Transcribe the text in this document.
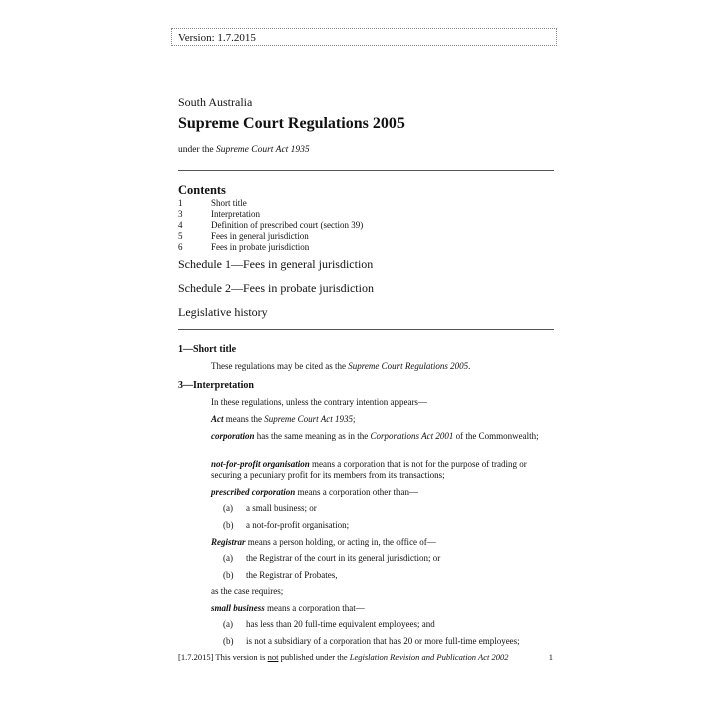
Version: 1.7.2015
South Australia
Supreme Court Regulations 2005
under the Supreme Court Act 1935
Contents
1	Short title
3	Interpretation
4	Definition of prescribed court (section 39)
5	Fees in general jurisdiction
6	Fees in probate jurisdiction
Schedule 1—Fees in general jurisdiction
Schedule 2—Fees in probate jurisdiction
Legislative history
1—Short title
These regulations may be cited as the Supreme Court Regulations 2005.
3—Interpretation
In these regulations, unless the contrary intention appears—
Act means the Supreme Court Act 1935;
corporation has the same meaning as in the Corporations Act 2001 of the Commonwealth;
not-for-profit organisation means a corporation that is not for the purpose of trading or securing a pecuniary profit for its members from its transactions;
prescribed corporation means a corporation other than—
(a) a small business; or
(b) a not-for-profit organisation;
Registrar means a person holding, or acting in, the office of—
(a) the Registrar of the court in its general jurisdiction; or
(b) the Registrar of Probates,
as the case requires;
small business means a corporation that—
(a) has less than 20 full-time equivalent employees; and
(b) is not a subsidiary of a corporation that has 20 or more full-time employees;
[1.7.2015] This version is not published under the Legislation Revision and Publication Act 2002	1
